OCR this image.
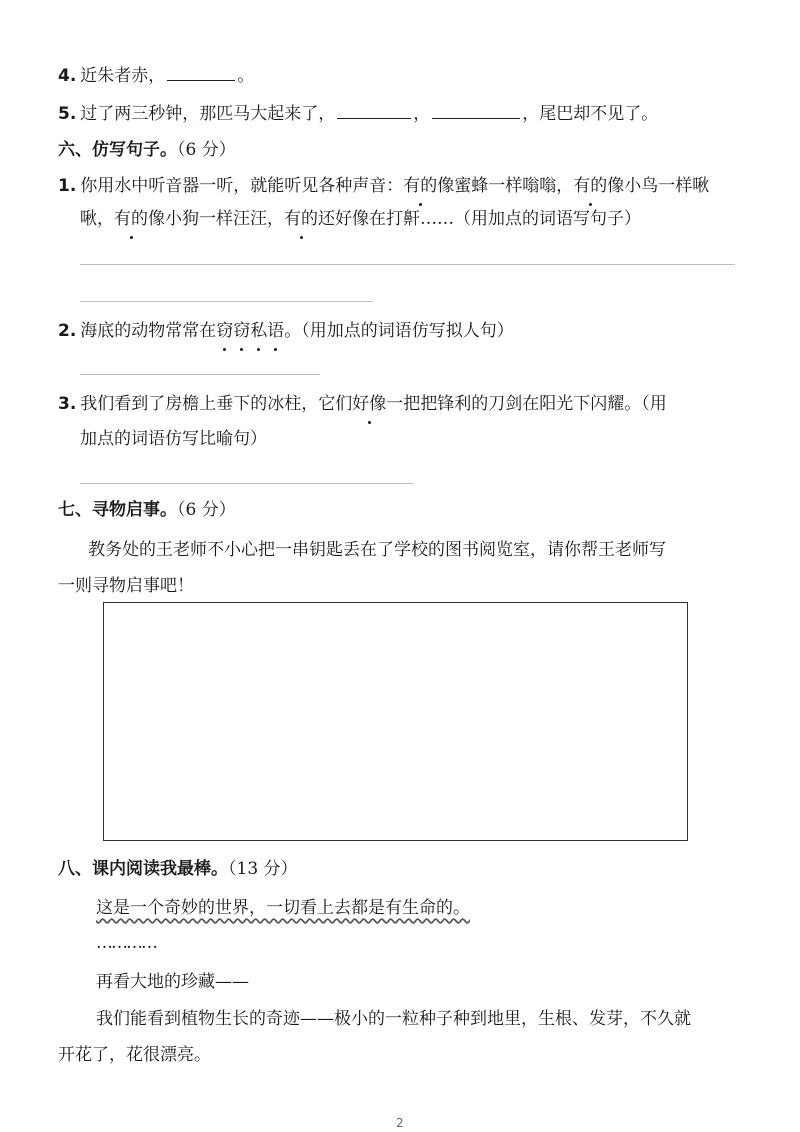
4. 近朱者赤，	。
5. 过了两三秒钟，那匹马大起来了，	，	，尾巴却不见了。
六、仿写句子。（6 分）
1. 你用水中听音器一听，就能听见各种声音：有的像蜜蜂一样嗡嗡，有的像小鸟一样啾
啾，有的像小狗一样汪汪，有的还好像在打鼾……（用加点的词语写句子）
2. 海底的动物常常在窃窃私语。（用加点的词语仿写拟人句）
3. 我们看到了房檐上垂下的冰柱，它们好像一把把锋利的刀剑在阳光下闪耀。（用
加点的词语仿写比喻句）
七、寻物启事。（6 分）
教务处的王老师不小心把一串钥匙丢在了学校的图书阅览室，请你帮王老师写
一则寻物启事吧！
八、课内阅读我最棒。（13 分）
这是一个奇妙的世界，一切看上去都是有生命的。
…………
再看大地的珍藏——
我们能看到植物生长的奇迹——极小的一粒种子种到地里，生根、发芽，不久就
开花了，花很漂亮。
2
